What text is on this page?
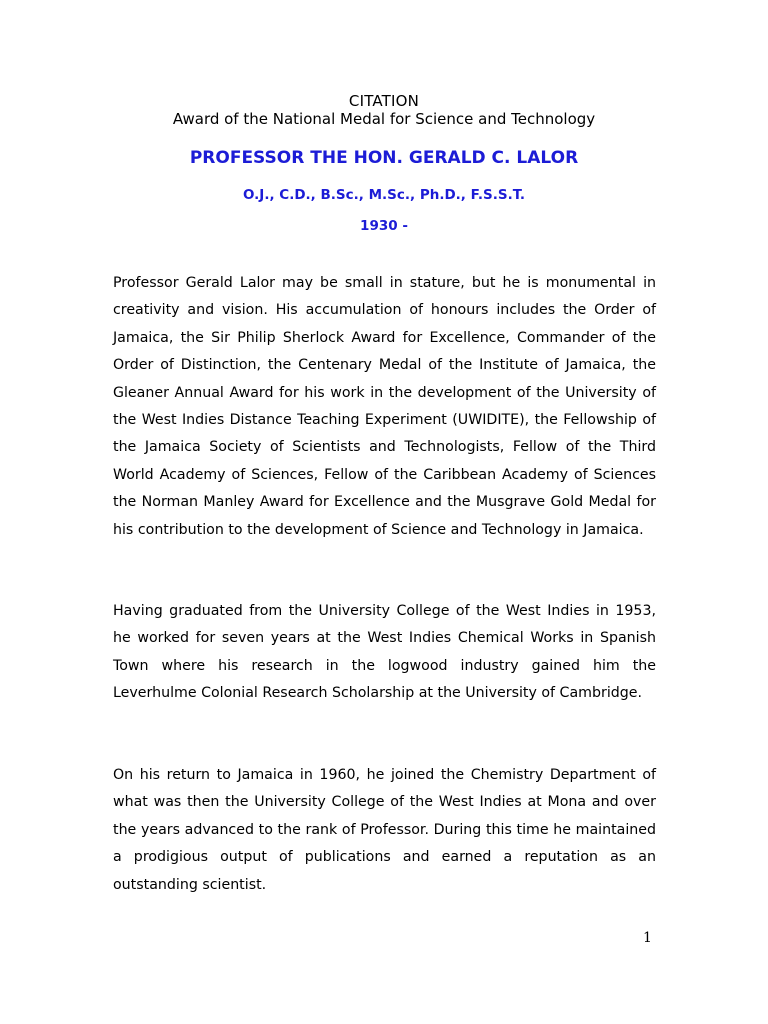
CITATION
Award of the National Medal for Science and Technology
PROFESSOR THE HON. GERALD C. LALOR
O.J., C.D., B.Sc., M.Sc., Ph.D., F.S.S.T.
1930 -

Professor Gerald Lalor may be small in stature, but he is monumental in creativity and vision. His accumulation of honours includes the Order of Jamaica, the Sir Philip Sherlock Award for Excellence, Commander of the Order of Distinction, the Centenary Medal of the Institute of Jamaica, the Gleaner Annual Award for his work in the development of the University of the West Indies Distance Teaching Experiment (UWIDITE), the Fellowship of the Jamaica Society of Scientists and Technologists, Fellow of the Third World Academy of Sciences, Fellow of the Caribbean Academy of Sciences the Norman Manley Award for Excellence and the Musgrave Gold Medal for his contribution to the development of Science and Technology in Jamaica.

Having graduated from the University College of the West Indies in 1953, he worked for seven years at the West Indies Chemical Works in Spanish Town where his research in the logwood industry gained him the Leverhulme Colonial Research Scholarship at the University of Cambridge.

On his return to Jamaica in 1960, he joined the Chemistry Department of what was then the University College of the West Indies at Mona and over the years advanced to the rank of Professor. During this time he maintained a prodigious output of publications and earned a reputation as an outstanding scientist.

1
